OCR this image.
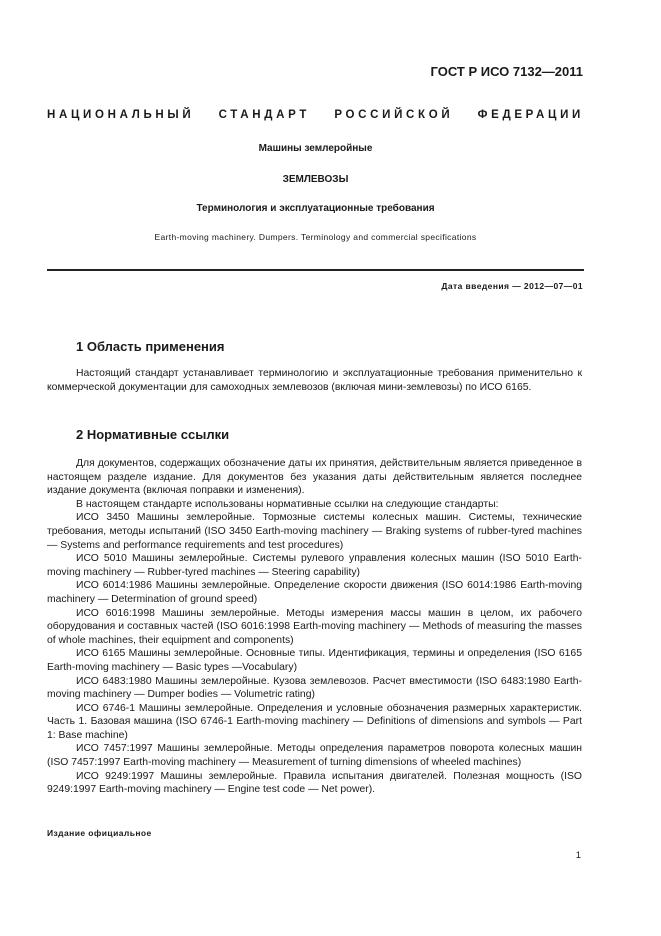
ГОСТ Р ИСО 7132—2011
НАЦИОНАЛЬНЫЙ СТАНДАРТ РОССИЙСКОЙ ФЕДЕРАЦИИ
Машины землеройные
ЗЕМЛЕВОЗЫ
Терминология и эксплуатационные требования
Earth-moving machinery. Dumpers. Terminology and commercial specifications
Дата введения — 2012—07—01
1 Область применения

Настоящий стандарт устанавливает терминологию и эксплуатационные требования применительно к коммерческой документации для самоходных землевозов (включая мини-землевозы) по ИСО 6165.

2 Нормативные ссылки

Для документов, содержащих обозначение даты их принятия, действительным является приведенное в настоящем разделе издание. Для документов без указания даты действительным является последнее издание документа (включая поправки и изменения).

В настоящем стандарте использованы нормативные ссылки на следующие стандарты:

ИСО 3450 Машины землеройные. Тормозные системы колесных машин. Системы, технические требования, методы испытаний (ISO 3450 Earth-moving machinery — Braking systems of rubber-tyred machines — Systems and performance requirements and test procedures)

ИСО 5010 Машины землеройные. Системы рулевого управления колесных машин (ISO 5010 Earth-moving machinery — Rubber-tyred machines — Steering capability)

ИСО 6014:1986 Машины землеройные. Определение скорости движения (ISO 6014:1986 Earth-moving machinery — Determination of ground speed)

ИСО 6016:1998 Машины землеройные. Методы измерения массы машин в целом, их рабочего оборудования и составных частей (ISO 6016:1998 Earth-moving machinery — Methods of measuring the masses of whole machines, their equipment and components)

ИСО 6165 Машины землеройные. Основные типы. Идентификация, термины и определения (ISO 6165 Earth-moving machinery — Basic types —Vocabulary)

ИСО 6483:1980 Машины землеройные. Кузова землевозов. Расчет вместимости (ISO 6483:1980 Earth-moving machinery — Dumper bodies — Volumetric rating)

ИСО 6746-1 Машины землеройные. Определения и условные обозначения размерных характеристик. Часть 1. Базовая машина (ISO 6746-1 Earth-moving machinery — Definitions of dimensions and symbols — Part 1: Base machine)

ИСО 7457:1997 Машины землеройные. Методы определения параметров поворота колесных машин (ISO 7457:1997 Earth-moving machinery — Measurement of turning dimensions of wheeled machines)

ИСО 9249:1997 Машины землеройные. Правила испытания двигателей. Полезная мощность (ISO 9249:1997 Earth-moving machinery — Engine test code — Net power).

Издание официальное
1
